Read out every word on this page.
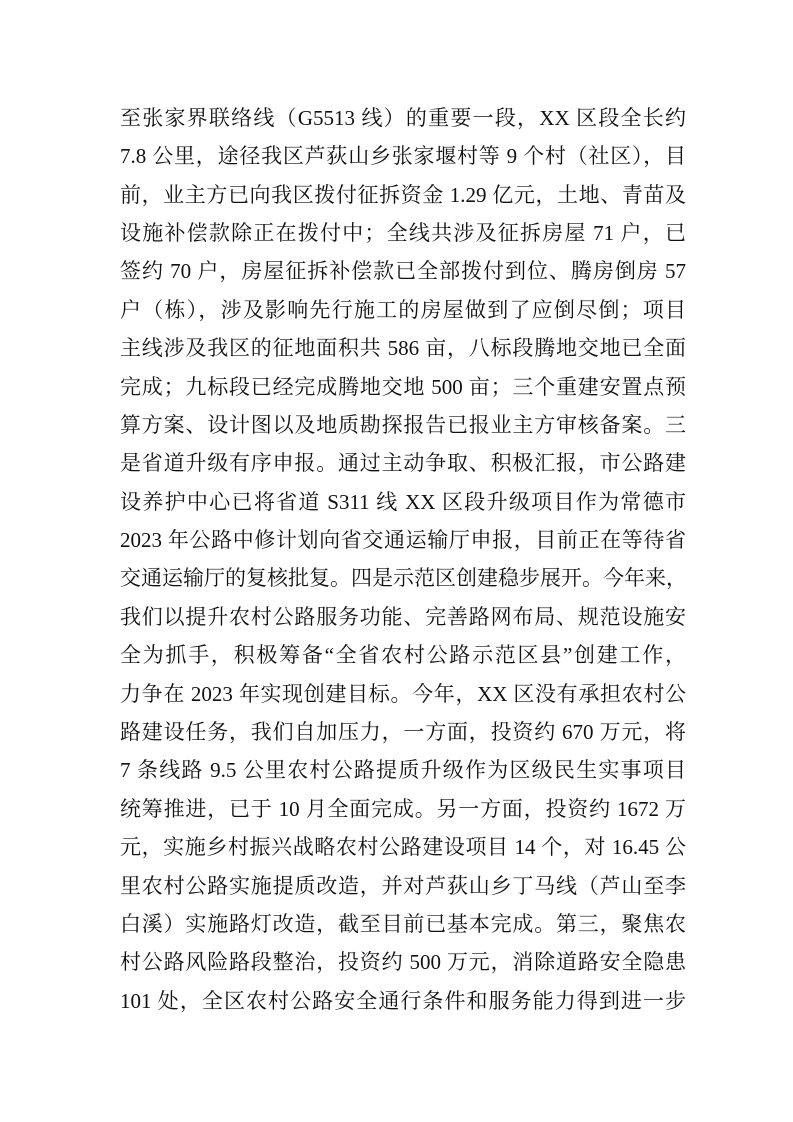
至张家界联络线（G5513 线）的重要一段，XX 区段全长约
7.8 公里，途径我区芦荻山乡张家堰村等 9 个村（社区），目
前，业主方已向我区拨付征拆资金 1.29 亿元，土地、青苗及
设施补偿款除正在拨付中；全线共涉及征拆房屋 71 户，已
签约 70 户，房屋征拆补偿款已全部拨付到位、腾房倒房 57
户（栋），涉及影响先行施工的房屋做到了应倒尽倒；项目
主线涉及我区的征地面积共 586 亩，八标段腾地交地已全面
完成；九标段已经完成腾地交地 500 亩；三个重建安置点预
算方案、设计图以及地质勘探报告已报业主方审核备案。三
是省道升级有序申报。通过主动争取、积极汇报，市公路建
设养护中心已将省道 S311 线 XX 区段升级项目作为常德市
2023 年公路中修计划向省交通运输厅申报，目前正在等待省
交通运输厅的复核批复。四是示范区创建稳步展开。今年来，
我们以提升农村公路服务功能、完善路网布局、规范设施安
全为抓手，积极筹备“全省农村公路示范区县”创建工作，
力争在 2023 年实现创建目标。今年，XX 区没有承担农村公
路建设任务，我们自加压力，一方面，投资约 670 万元，将
7 条线路 9.5 公里农村公路提质升级作为区级民生实事项目
统筹推进，已于 10 月全面完成。另一方面，投资约 1672 万
元，实施乡村振兴战略农村公路建设项目 14 个，对 16.45 公
里农村公路实施提质改造，并对芦荻山乡丁马线（芦山至李
白溪）实施路灯改造，截至目前已基本完成。第三，聚焦农
村公路风险路段整治，投资约 500 万元，消除道路安全隐患
101 处，全区农村公路安全通行条件和服务能力得到进一步
